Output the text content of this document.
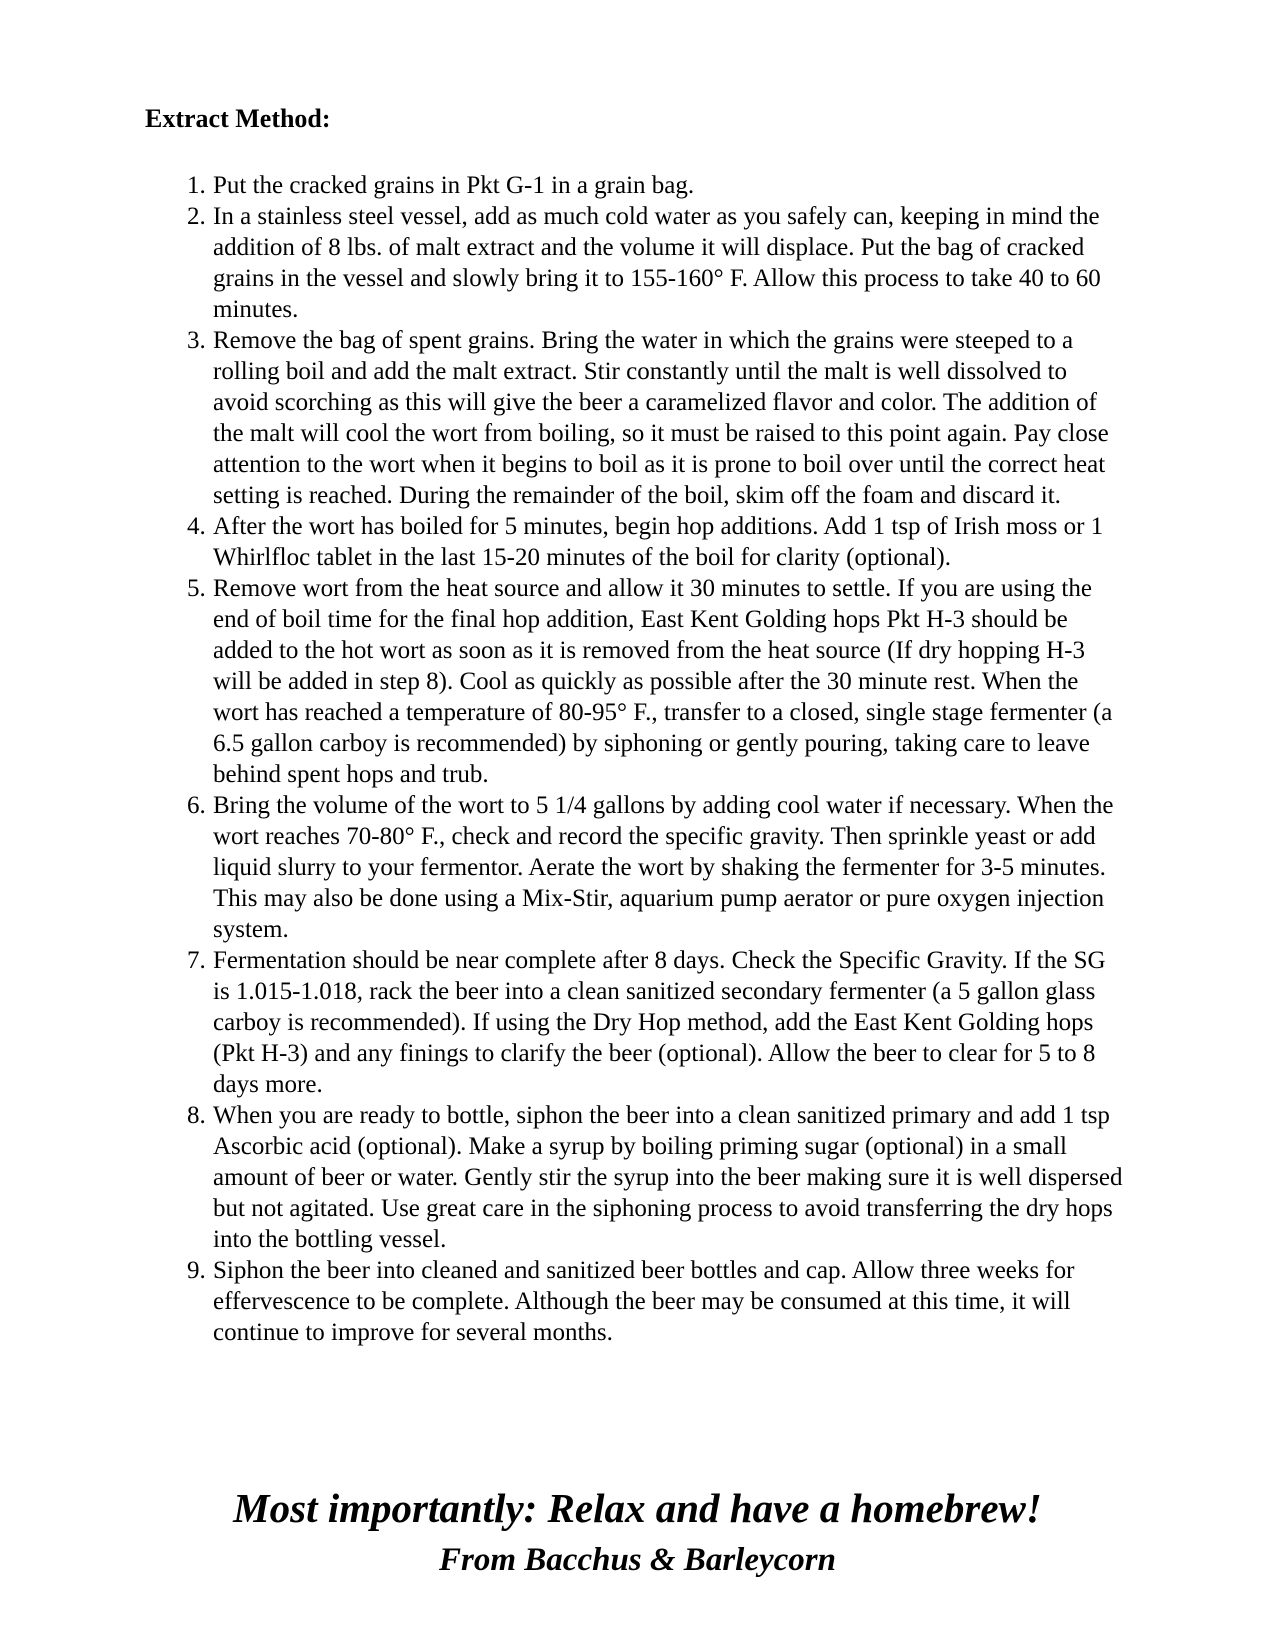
Extract Method:
1. Put the cracked grains in Pkt G-1 in a grain bag.
2. In a stainless steel vessel, add as much cold water as you safely can, keeping in mind the addition of 8 lbs. of malt extract and the volume it will displace. Put the bag of cracked grains in the vessel and slowly bring it to 155-160° F. Allow this process to take 40 to 60 minutes.
3. Remove the bag of spent grains. Bring the water in which the grains were steeped to a rolling boil and add the malt extract. Stir constantly until the malt is well dissolved to avoid scorching as this will give the beer a caramelized flavor and color. The addition of the malt will cool the wort from boiling, so it must be raised to this point again. Pay close attention to the wort when it begins to boil as it is prone to boil over until the correct heat setting is reached. During the remainder of the boil, skim off the foam and discard it.
4. After the wort has boiled for 5 minutes, begin hop additions. Add 1 tsp of Irish moss or 1 Whirlfloc tablet in the last 15-20 minutes of the boil for clarity (optional).
5. Remove wort from the heat source and allow it 30 minutes to settle. If you are using the end of boil time for the final hop addition, East Kent Golding hops Pkt H-3 should be added to the hot wort as soon as it is removed from the heat source (If dry hopping H-3 will be added in step 8). Cool as quickly as possible after the 30 minute rest. When the wort has reached a temperature of 80-95° F., transfer to a closed, single stage fermenter (a 6.5 gallon carboy is recommended) by siphoning or gently pouring, taking care to leave behind spent hops and trub.
6. Bring the volume of the wort to 5 1/4 gallons by adding cool water if necessary. When the wort reaches 70-80° F., check and record the specific gravity. Then sprinkle yeast or add liquid slurry to your fermentor. Aerate the wort by shaking the fermenter for 3-5 minutes. This may also be done using a Mix-Stir, aquarium pump aerator or pure oxygen injection system.
7. Fermentation should be near complete after 8 days. Check the Specific Gravity. If the SG is 1.015-1.018, rack the beer into a clean sanitized secondary fermenter (a 5 gallon glass carboy is recommended). If using the Dry Hop method, add the East Kent Golding hops (Pkt H-3) and any finings to clarify the beer (optional). Allow the beer to clear for 5 to 8 days more.
8. When you are ready to bottle, siphon the beer into a clean sanitized primary and add 1 tsp Ascorbic acid (optional). Make a syrup by boiling priming sugar (optional) in a small amount of beer or water. Gently stir the syrup into the beer making sure it is well dispersed but not agitated. Use great care in the siphoning process to avoid transferring the dry hops into the bottling vessel.
9. Siphon the beer into cleaned and sanitized beer bottles and cap. Allow three weeks for effervescence to be complete. Although the beer may be consumed at this time, it will continue to improve for several months.
Most importantly: Relax and have a homebrew!
From Bacchus & Barleycorn
